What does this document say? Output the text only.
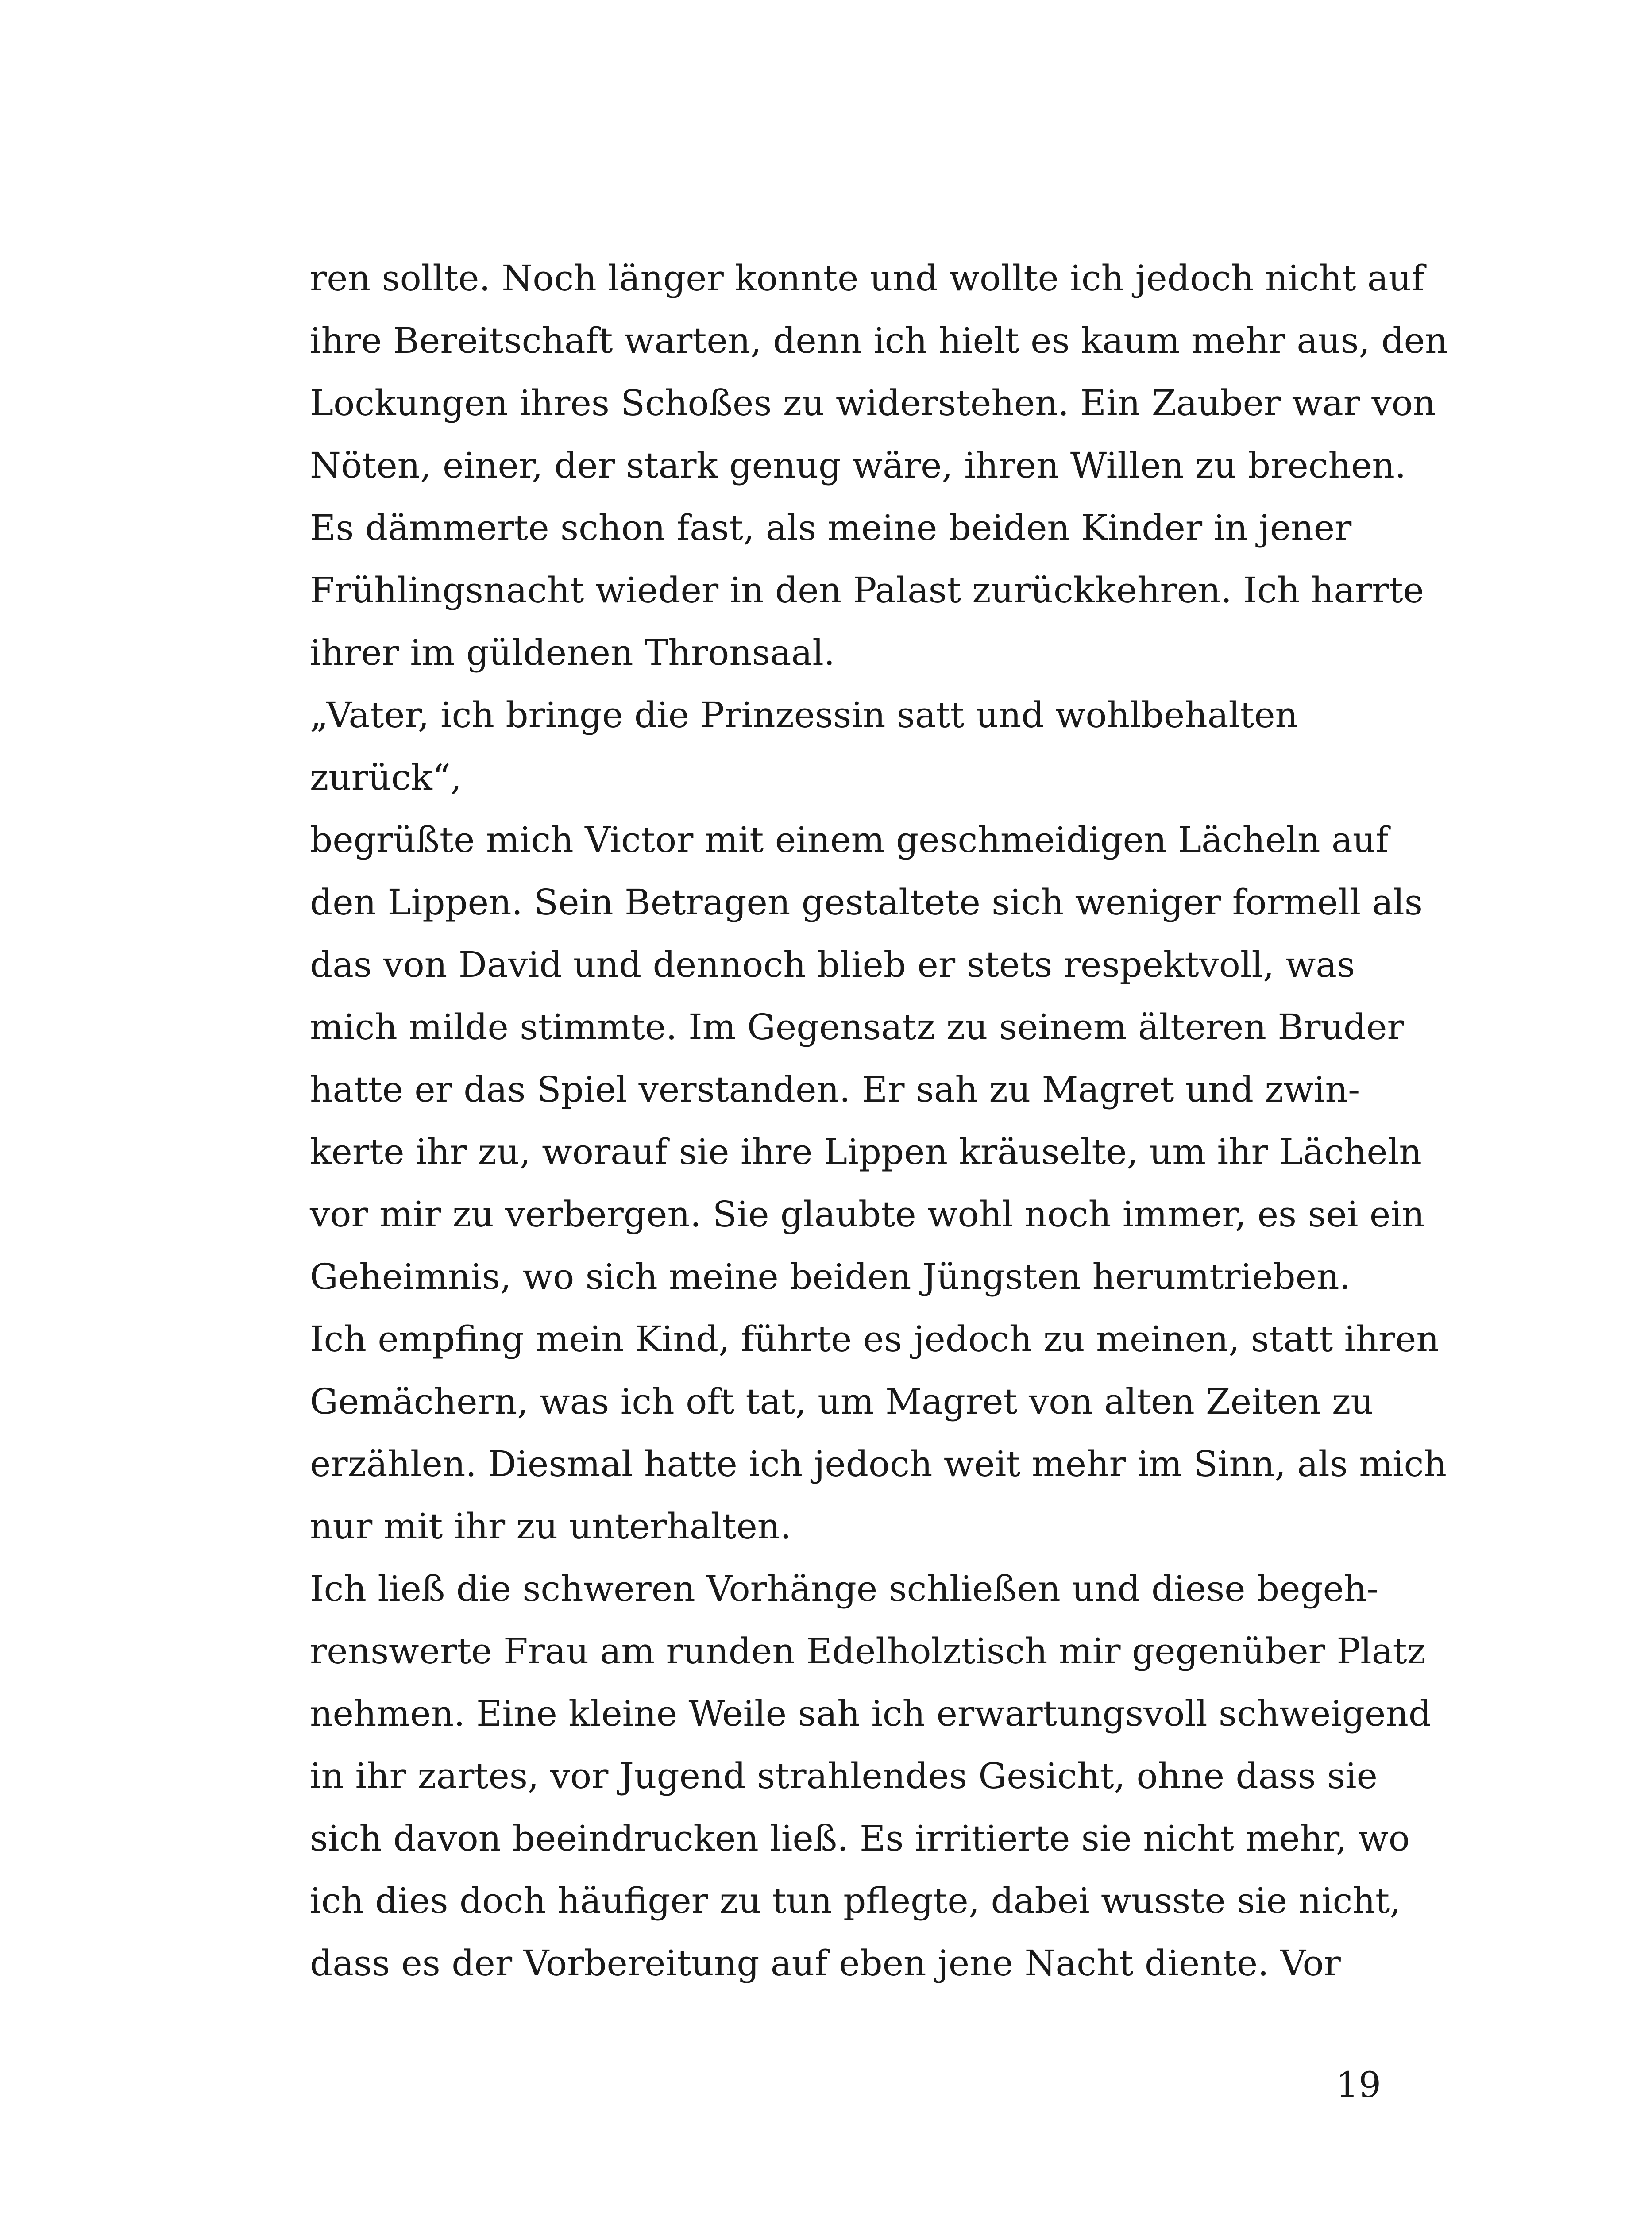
ren sollte. Noch länger konnte und wollte ich jedoch nicht auf
ihre Bereitschaft warten, denn ich hielt es kaum mehr aus, den
Lockungen ihres Schoßes zu widerstehen. Ein Zauber war von
Nöten, einer, der stark genug wäre, ihren Willen zu brechen.
Es dämmerte schon fast, als meine beiden Kinder in jener
Frühlingsnacht wieder in den Palast zurückkehren. Ich harrte
ihrer im güldenen Thronsaal.
„Vater, ich bringe die Prinzessin satt und wohlbehalten
zurück“,
begrüßte mich Victor mit einem geschmeidigen Lächeln auf
den Lippen. Sein Betragen gestaltete sich weniger formell als
das von David und dennoch blieb er stets respektvoll, was
mich milde stimmte. Im Gegensatz zu seinem älteren Bruder
hatte er das Spiel verstanden. Er sah zu Magret und zwin-
kerte ihr zu, worauf sie ihre Lippen kräuselte, um ihr Lächeln
vor mir zu verbergen. Sie glaubte wohl noch immer, es sei ein
Geheimnis, wo sich meine beiden Jüngsten herumtrieben.
Ich empfing mein Kind, führte es jedoch zu meinen, statt ihren
Gemächern, was ich oft tat, um Magret von alten Zeiten zu
erzählen. Diesmal hatte ich jedoch weit mehr im Sinn, als mich
nur mit ihr zu unterhalten.
Ich ließ die schweren Vorhänge schließen und diese begeh-
renswerte Frau am runden Edelholztisch mir gegenüber Platz
nehmen. Eine kleine Weile sah ich erwartungsvoll schweigend
in ihr zartes, vor Jugend strahlendes Gesicht, ohne dass sie
sich davon beeindrucken ließ. Es irritierte sie nicht mehr, wo
ich dies doch häufiger zu tun pflegte, dabei wusste sie nicht,
dass es der Vorbereitung auf eben jene Nacht diente. Vor
19
